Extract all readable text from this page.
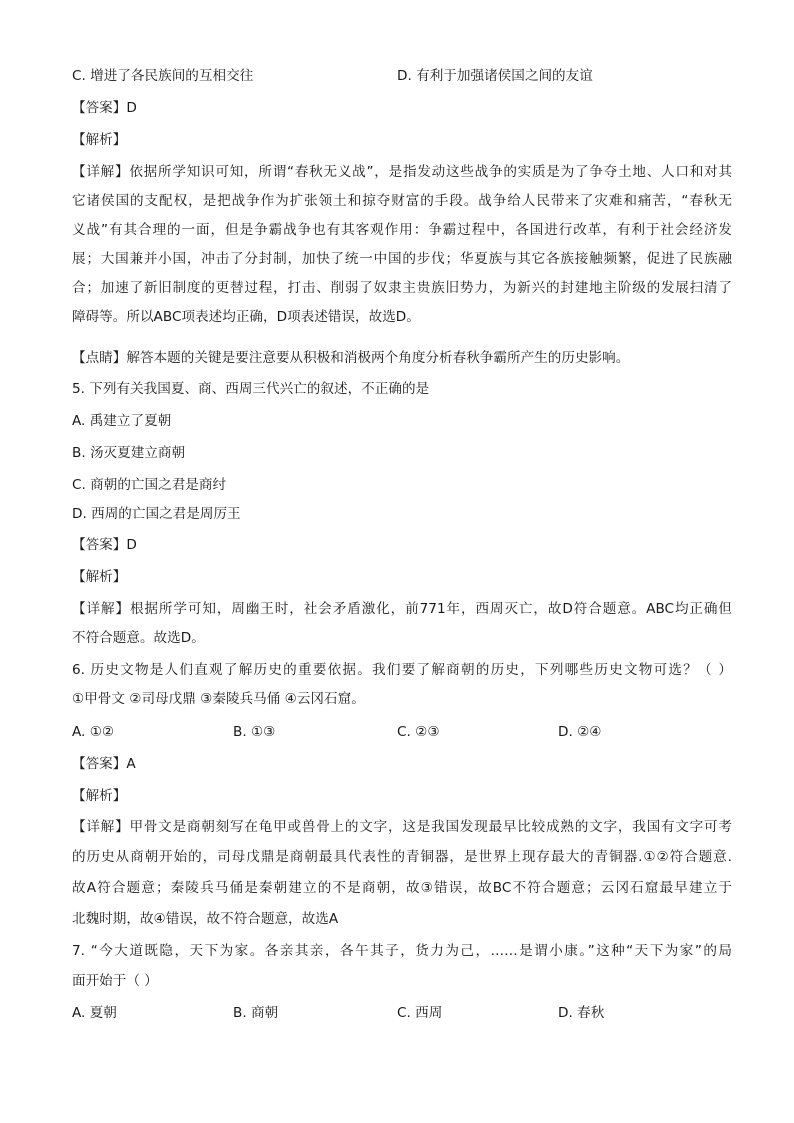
C. 增进了各民族间的互相交往	D. 有利于加强诸侯国之间的友谊
【答案】D
【解析】
【详解】依据所学知识可知，所谓“春秋无义战”，是指发动这些战争的实质是为了争夺土地、人口和对其
它诸侯国的支配权，是把战争作为扩张领土和掠夺财富的手段。战争给人民带来了灾难和痛苦，“春秋无
义战”有其合理的一面，但是争霸战争也有其客观作用：争霸过程中，各国进行改革，有利于社会经济发
展；大国兼并小国，冲击了分封制，加快了统一中国的步伐；华夏族与其它各族接触频繁，促进了民族融
合；加速了新旧制度的更替过程，打击、削弱了奴隶主贵族旧势力，为新兴的封建地主阶级的发展扫清了
障碍等。所以ABC项表述均正确，D项表述错误，故选D。
【点睛】解答本题的关键是要注意要从积极和消极两个角度分析春秋争霸所产生的历史影响。
5. 下列有关我国夏、商、西周三代兴亡的叙述，不正确的是
A. 禹建立了夏朝
B. 汤灭夏建立商朝
C. 商朝的亡国之君是商纣
D. 西周的亡国之君是周厉王
【答案】D
【解析】
【详解】根据所学可知，周幽王时，社会矛盾激化，前771年，西周灭亡，故D符合题意。ABC均正确但
不符合题意。故选D。
6. 历史文物是人们直观了解历史的重要依据。我们要了解商朝的历史，下列哪些历史文物可选？（ ）
①甲骨文 ②司母戊鼎 ③秦陵兵马俑 ④云冈石窟。
A. ①②	B. ①③	C. ②③	D. ②④
【答案】A
【解析】
【详解】甲骨文是商朝刻写在龟甲或兽骨上的文字，这是我国发现最早比较成熟的文字，我国有文字可考
的历史从商朝开始的，司母戊鼎是商朝最具代表性的青铜器，是世界上现存最大的青铜器.①②符合题意.
故A符合题意；秦陵兵马俑是秦朝建立的不是商朝，故③错误，故BC不符合题意；云冈石窟最早建立于
北魏时期，故④错误，故不符合题意，故选A
7. “今大道既隐，天下为家。各亲其亲，各午其子，货力为己，……是谓小康。”这种“天下为家”的局
面开始于（ ）
A. 夏朝	B. 商朝	C. 西周	D. 春秋
